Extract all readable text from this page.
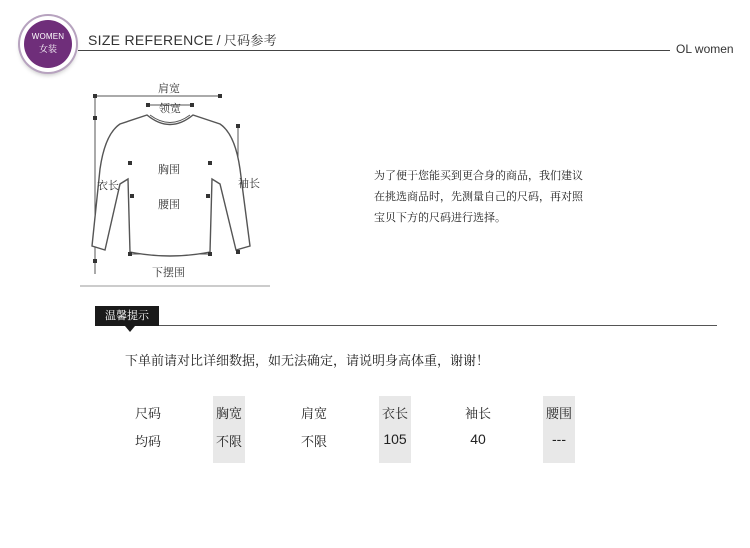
WOMEN
女装
SIZE REFERENCE / 尺码参考	OL women
肩宽
领宽
胸围
腰围
衣长	袖长
下摆围
为了便于您能买到更合身的商品，我们建议
在挑选商品时，先测量自己的尺码，再对照
宝贝下方的尺码进行选择。
温馨提示
下单前请对比详细数据，如无法确定，请说明身高体重，谢谢！
尺码
均码
胸宽
不限
肩宽
不限
衣长
105
袖长
40
腰围
---
